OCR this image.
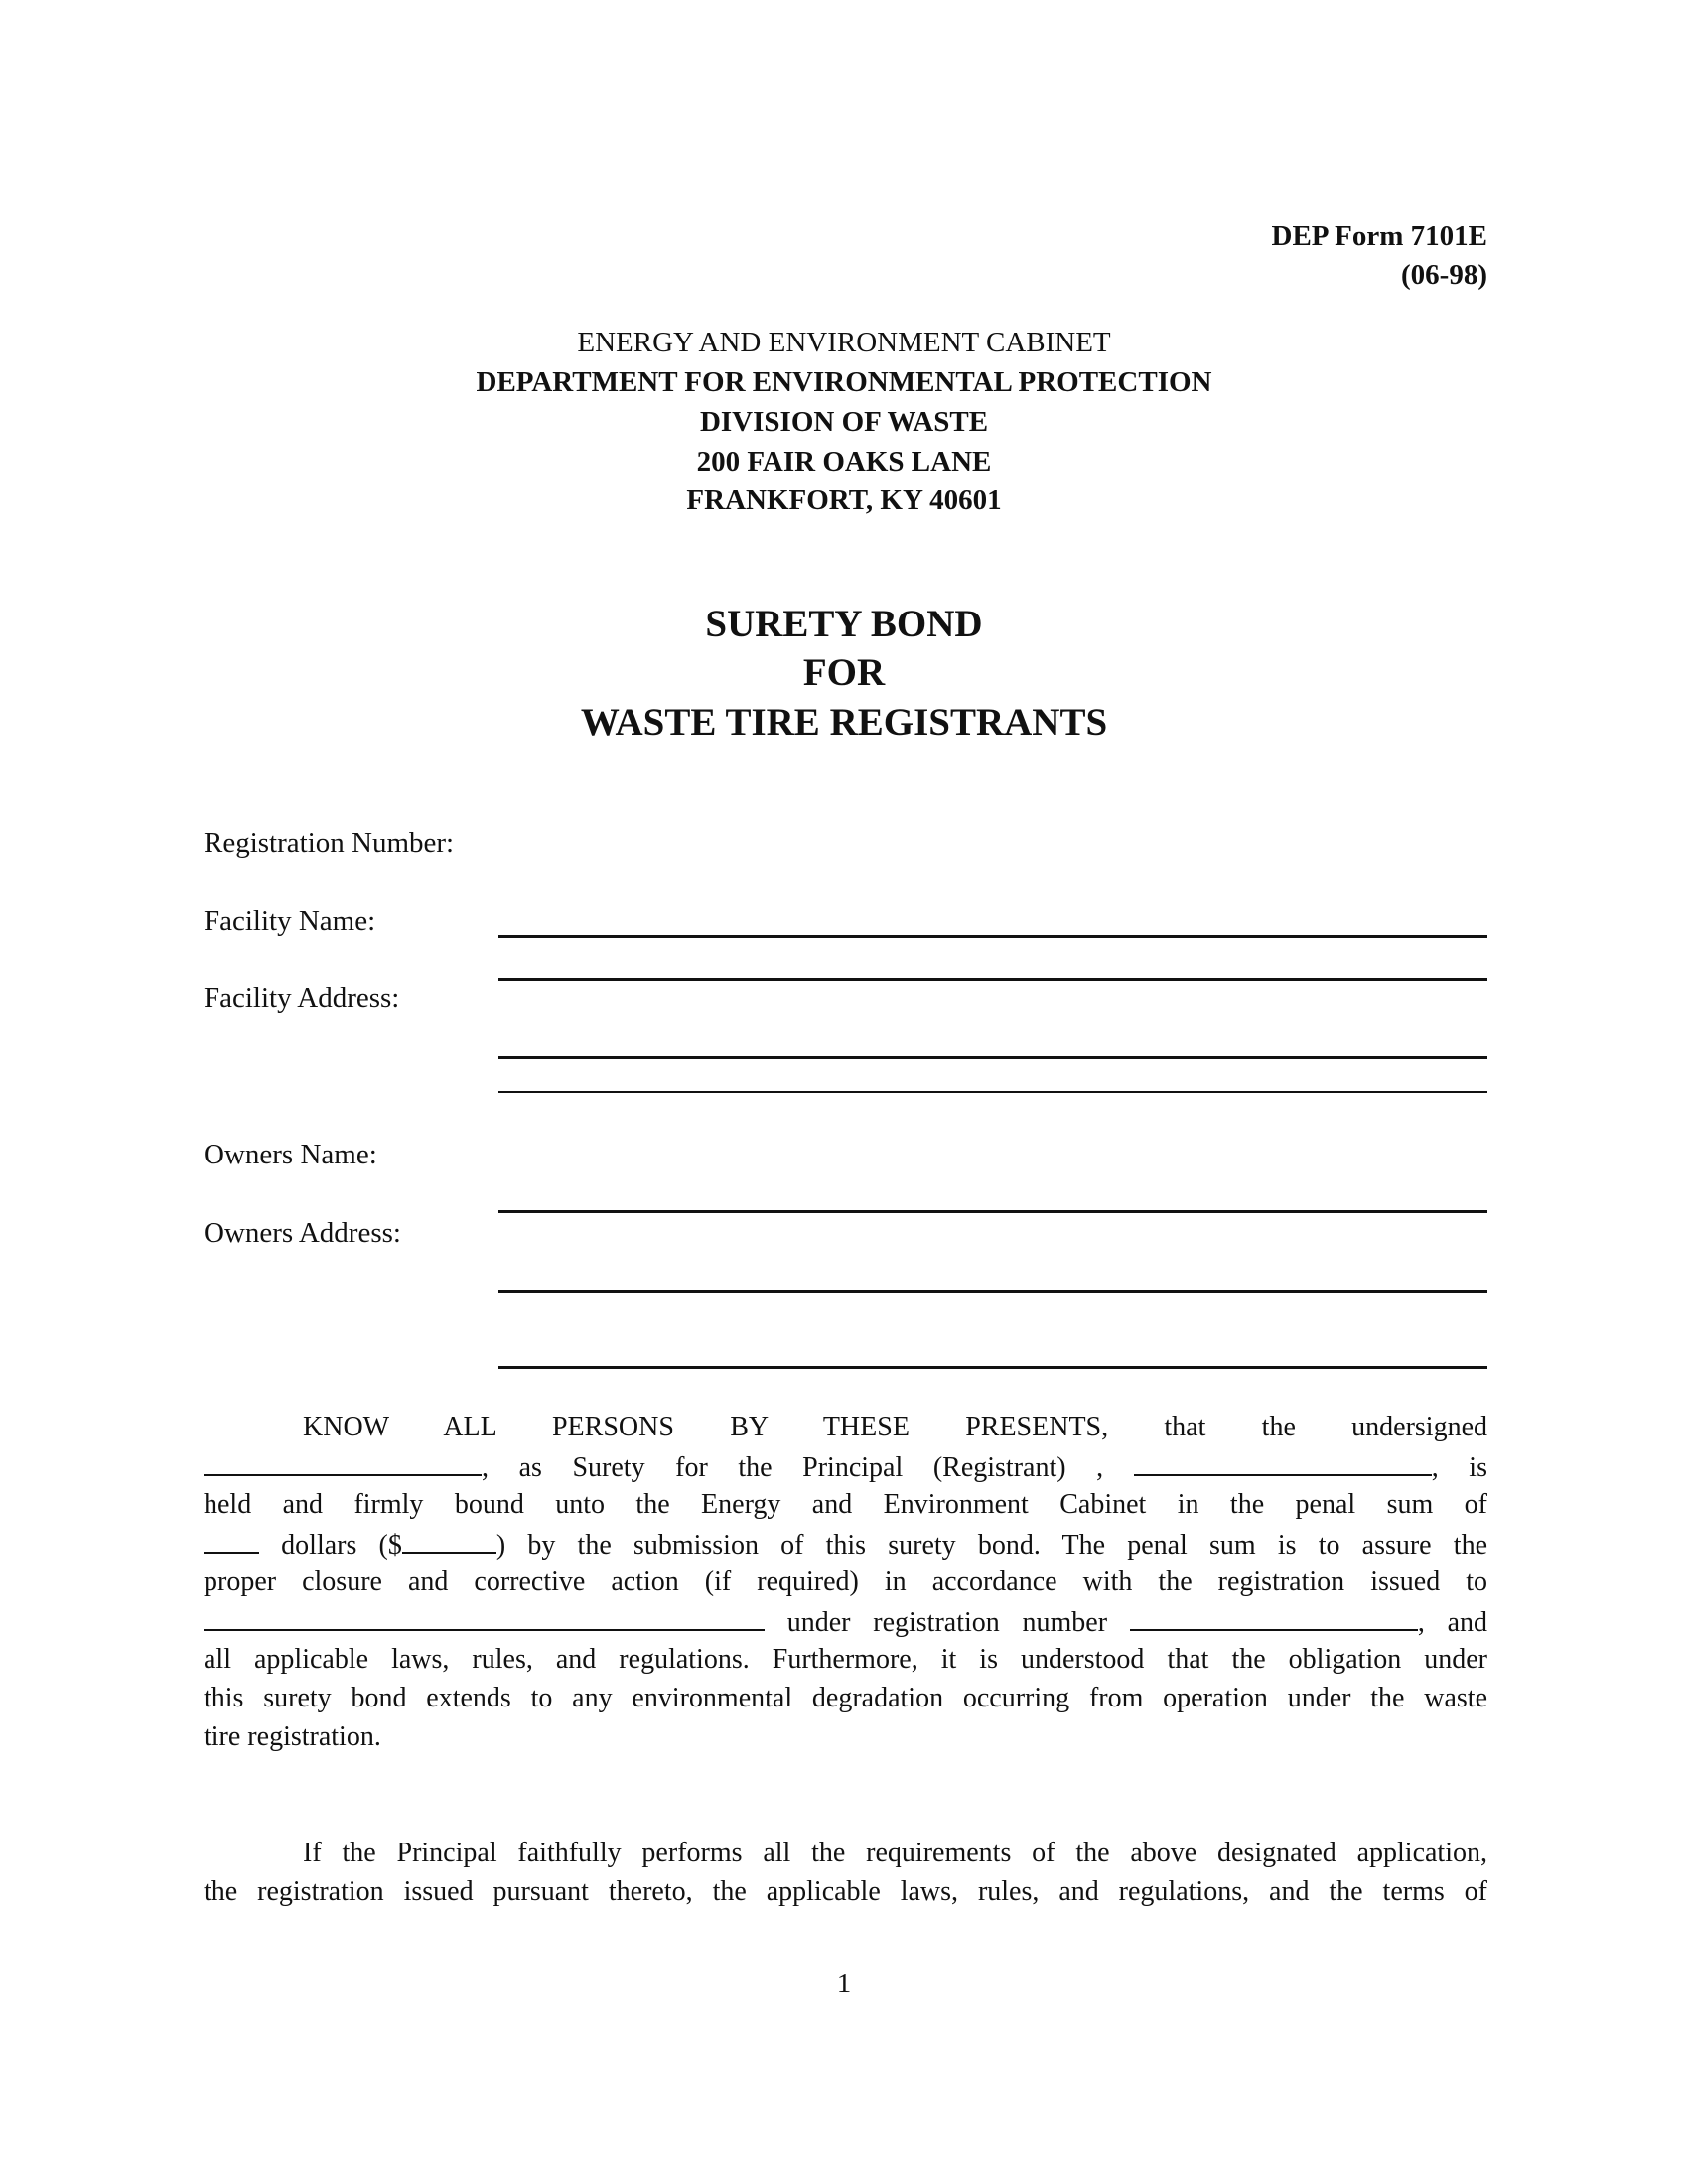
DEP Form 7101E
(06-98)
ENERGY AND ENVIRONMENT CABINET
DEPARTMENT FOR ENVIRONMENTAL PROTECTION
DIVISION OF WASTE
200 FAIR OAKS LANE
FRANKFORT, KY 40601
SURETY BOND
FOR
WASTE TIRE REGISTRANTS
Registration Number:
Facility Name:
Facility Address:
Owners Name:
Owners Address:
KNOW ALL PERSONS BY THESE PRESENTS, that the undersigned
, as Surety for the Principal (Registrant) ,	, is
held and firmly bound unto the Energy and Environment Cabinet in the penal sum of
dollars ($	) by the submission of this surety bond. The penal sum is to assure the
proper closure and corrective action (if required) in accordance with the registration issued to
under registration number	, and
all applicable laws, rules, and regulations. Furthermore, it is understood that the obligation under
this surety bond extends to any environmental degradation occurring from operation under the waste
tire registration.
If the Principal faithfully performs all the requirements of the above designated application,
the registration issued pursuant thereto, the applicable laws, rules, and regulations, and the terms of
1
